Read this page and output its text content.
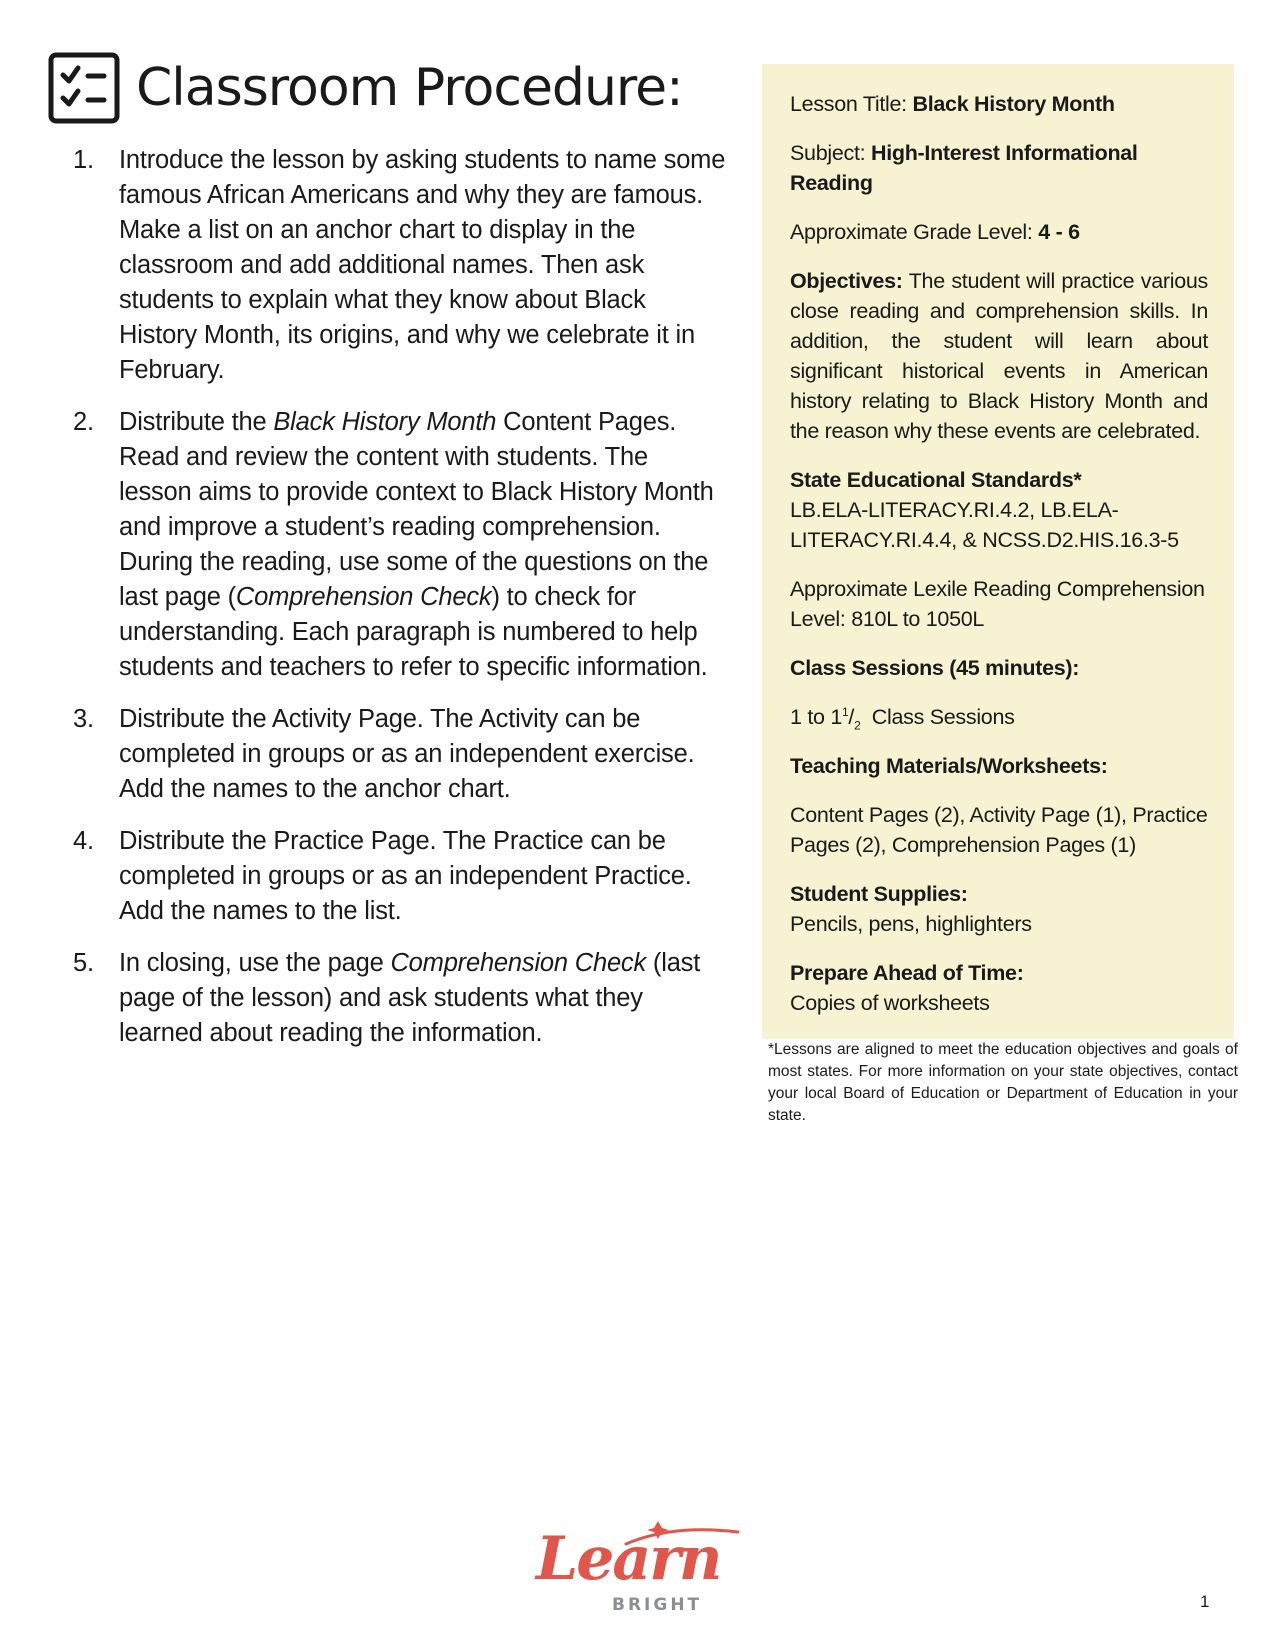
Classroom Procedure:
1. Introduce the lesson by asking students to name some famous African Americans and why they are famous. Make a list on an anchor chart to display in the classroom and add additional names. Then ask students to explain what they know about Black History Month, its origins, and why we celebrate it in February.
2. Distribute the Black History Month Content Pages. Read and review the content with students. The lesson aims to provide context to Black History Month and improve a student’s reading comprehension. During the reading, use some of the questions on the last page (Comprehension Check) to check for understanding. Each paragraph is numbered to help students and teachers to refer to specific information.
3. Distribute the Activity Page. The Activity can be completed in groups or as an independent exercise. Add the names to the anchor chart.
4. Distribute the Practice Page. The Practice can be completed in groups or as an independent Practice. Add the names to the list.
5. In closing, use the page Comprehension Check (last page of the lesson) and ask students what they learned about reading the information.

Lesson Title: Black History Month

Subject: High-Interest Informational Reading

Approximate Grade Level: 4 - 6

Objectives: The student will practice various close reading and comprehension skills. In addition, the student will learn about significant historical events in American history relating to Black History Month and the reason why these events are celebrated.

State Educational Standards*
LB.ELA-LITERACY.RI.4.2, LB.ELA-LITERACY.RI.4.4, & NCSS.D2.HIS.16.3-5

Approximate Lexile Reading Comprehension Level: 810L to 1050L

Class Sessions (45 minutes):

1 to $1^1/_2$  Class Sessions

Teaching Materials/Worksheets:

Content Pages (2), Activity Page (1), Practice Pages (2), Comprehension Pages (1)

Student Supplies:
Pencils, pens, highlighters

Prepare Ahead of Time:
Copies of worksheets

*Lessons are aligned to meet the education objectives and goals of most states. For more information on your state objectives, contact your local Board of Education or Department of Education in your state.

Learn
BRIGHT	1
